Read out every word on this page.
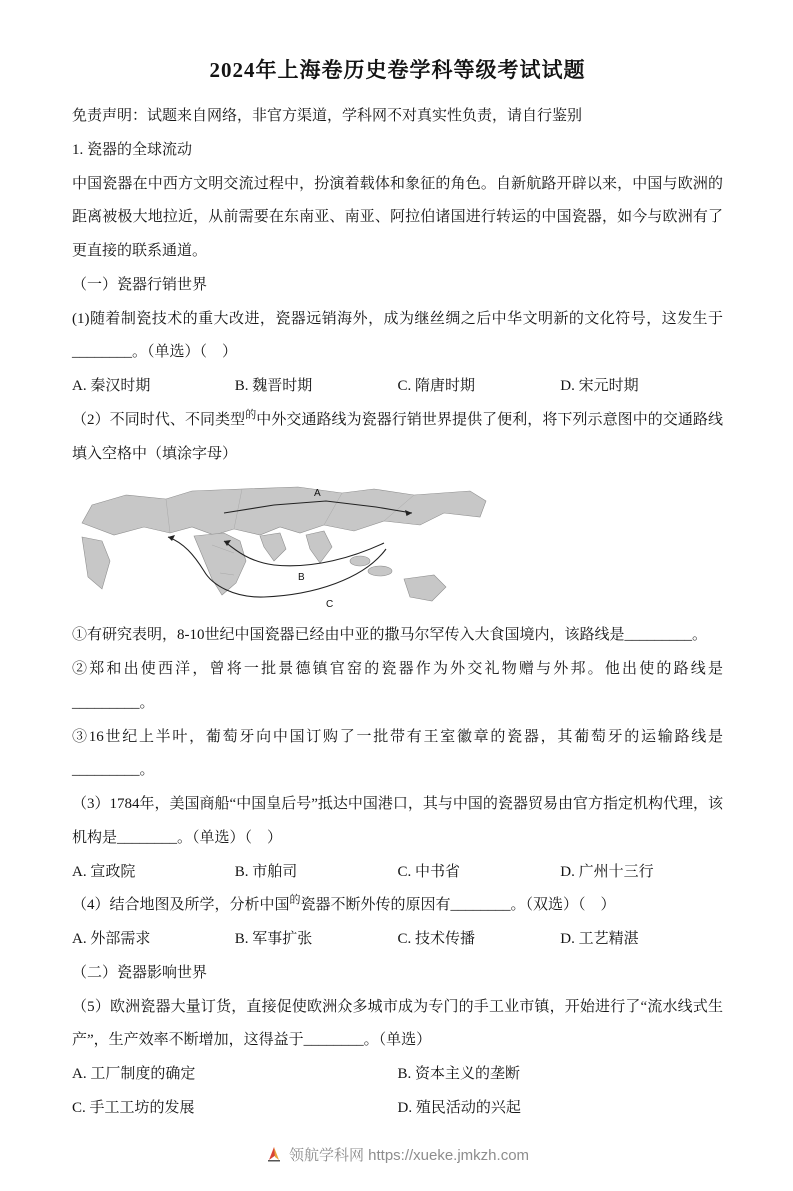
2024年上海卷历史卷学科等级考试试题

免责声明：试题来自网络，非官方渠道，学科网不对真实性负责，请自行鉴别

1. 瓷器的全球流动

中国瓷器在中西方文明交流过程中，扮演着载体和象征的角色。自新航路开辟以来，中国与欧洲的距离被极大地拉近，从前需要在东南亚、南亚、阿拉伯诸国进行转运的中国瓷器，如今与欧洲有了更直接的联系通道。

（一）瓷器行销世界

(1)随着制瓷技术的重大改进，瓷器远销海外，成为继丝绸之后中华文明新的文化符号，这发生于________。（单选）（　）

A. 秦汉时期	B. 魏晋时期	C. 隋唐时期	D. 宋元时期

（2）不同时代、不同类型$^的$中外交通路线为瓷器行销世界提供了便利，将下列示意图中的交通路线填入空格中（填涂字母）

A
B
C

①有研究表明，8-10世纪中国瓷器已经由中亚的撒马尔罕传入大食国境内，该路线是_________。

②郑和出使西洋，曾将一批景德镇官窑的瓷器作为外交礼物赠与外邦。他出使的路线是_________。

③16世纪上半叶，葡萄牙向中国订购了一批带有王室徽章的瓷器，其葡萄牙的运输路线是_________。

（3）1784年，美国商船“中国皇后号”抵达中国港口，其与中国的瓷器贸易由官方指定机构代理，该机构是________。（单选）（　）

A. 宣政院	B. 市舶司	C. 中书省	D. 广州十三行

（4）结合地图及所学，分析中国$^的$瓷器不断外传的原因有________。（双选）（　）

A. 外部需求	B. 军事扩张	C. 技术传播	D. 工艺精湛

（二）瓷器影响世界

（5）欧洲瓷器大量订货，直接促使欧洲众多城市成为专门的手工业市镇，开始进行了“流水线式生产”，生产效率不断增加，这得益于________。（单选）

A. 工厂制度的确定	B. 资本主义的垄断
C. 手工工坊的发展	D. 殖民活动的兴起
领航学科网 https://xueke.jmkzh.com
